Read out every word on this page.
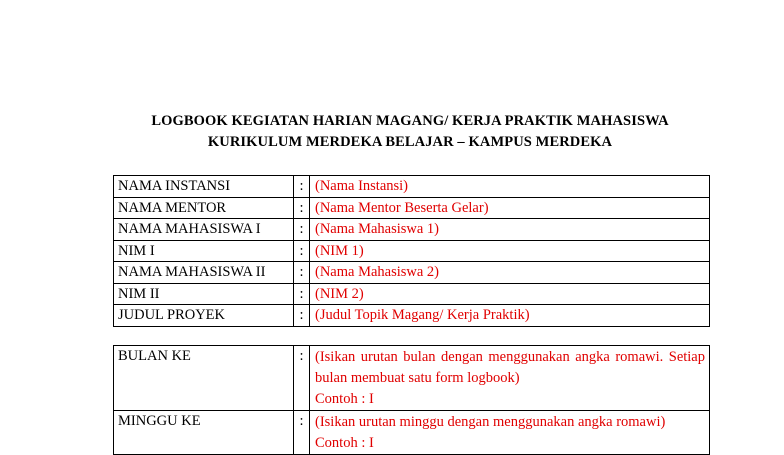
LOGBOOK KEGIATAN HARIAN MAGANG/ KERJA PRAKTIK MAHASISWA
KURIKULUM MERDEKA BELAJAR – KAMPUS MERDEKA
NAMA INSTANSI	:	(Nama Instansi)
NAMA MENTOR	:	(Nama Mentor Beserta Gelar)
NAMA MAHASISWA I	:	(Nama Mahasiswa 1)
NIM I	:	(NIM 1)
NAMA MAHASISWA II	:	(Nama Mahasiswa 2)
NIM II	:	(NIM 2)
JUDUL PROYEK	:	(Judul Topik Magang/ Kerja Praktik)
BULAN KE	:	(Isikan urutan bulan dengan menggunakan angka romawi. Setiap bulan membuat satu form logbook)
Contoh : I

MINGGU KE	:	(Isikan urutan minggu dengan menggunakan angka romawi)
Contoh : I
